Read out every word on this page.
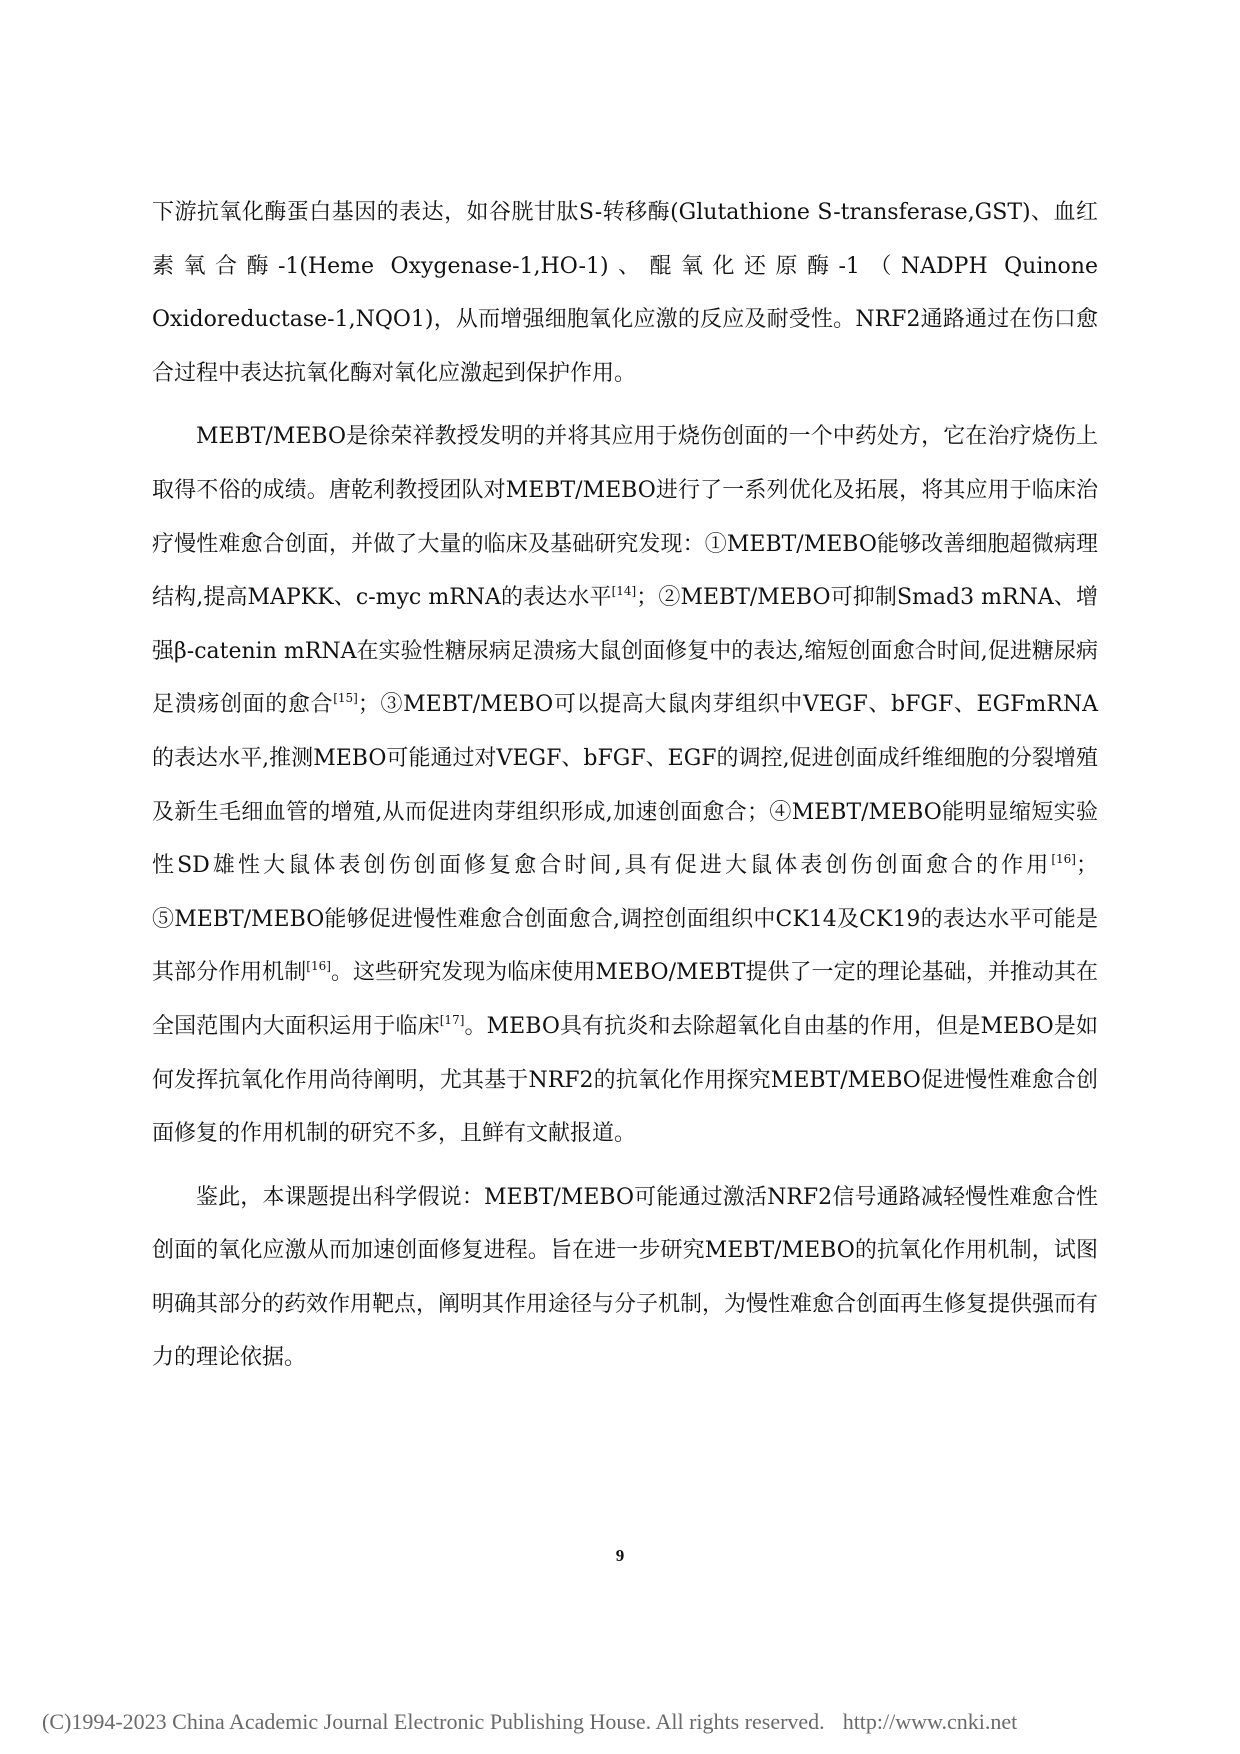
下游抗氧化酶蛋白基因的表达，如谷胱甘肽S-转移酶(Glutathione S-transferase,GST)、血红素氧合酶-1(Heme Oxygenase-1,HO-1)、醌氧化还原酶-1（NADPH Quinone Oxidoreductase-1,NQO1)，从而增强细胞氧化应激的反应及耐受性。NRF2通路通过在伤口愈合过程中表达抗氧化酶对氧化应激起到保护作用。

MEBT/MEBO是徐荣祥教授发明的并将其应用于烧伤创面的一个中药处方，它在治疗烧伤上取得不俗的成绩。唐乾利教授团队对MEBT/MEBO进行了一系列优化及拓展，将其应用于临床治疗慢性难愈合创面，并做了大量的临床及基础研究发现：①MEBT/MEBO能够改善细胞超微病理结构,提高MAPKK、c-myc mRNA的表达水平[14]；②MEBT/MEBO可抑制Smad3 mRNA、增强β-catenin mRNA在实验性糖尿病足溃疡大鼠创面修复中的表达,缩短创面愈合时间,促进糖尿病足溃疡创面的愈合[15]；③MEBT/MEBO可以提高大鼠肉芽组织中VEGF、bFGF、EGFmRNA的表达水平,推测MEBO可能通过对VEGF、bFGF、EGF的调控,促进创面成纤维细胞的分裂增殖及新生毛细血管的增殖,从而促进肉芽组织形成,加速创面愈合；④MEBT/MEBO能明显缩短实验性SD雄性大鼠体表创伤创面修复愈合时间,具有促进大鼠体表创伤创面愈合的作用[16]；⑤MEBT/MEBO能够促进慢性难愈合创面愈合,调控创面组织中CK14及CK19的表达水平可能是其部分作用机制[16]。这些研究发现为临床使用MEBO/MEBT提供了一定的理论基础，并推动其在全国范围内大面积运用于临床[17]。MEBO具有抗炎和去除超氧化自由基的作用，但是MEBO是如何发挥抗氧化作用尚待阐明，尤其基于NRF2的抗氧化作用探究MEBT/MEBO促进慢性难愈合创面修复的作用机制的研究不多，且鲜有文献报道。

鉴此，本课题提出科学假说：MEBT/MEBO可能通过激活NRF2信号通路减轻慢性难愈合性创面的氧化应激从而加速创面修复进程。旨在进一步研究MEBT/MEBO的抗氧化作用机制，试图明确其部分的药效作用靶点，阐明其作用途径与分子机制，为慢性难愈合创面再生修复提供强而有力的理论依据。

9
(C)1994-2023 China Academic Journal Electronic Publishing House. All rights reserved. http://www.cnki.net
